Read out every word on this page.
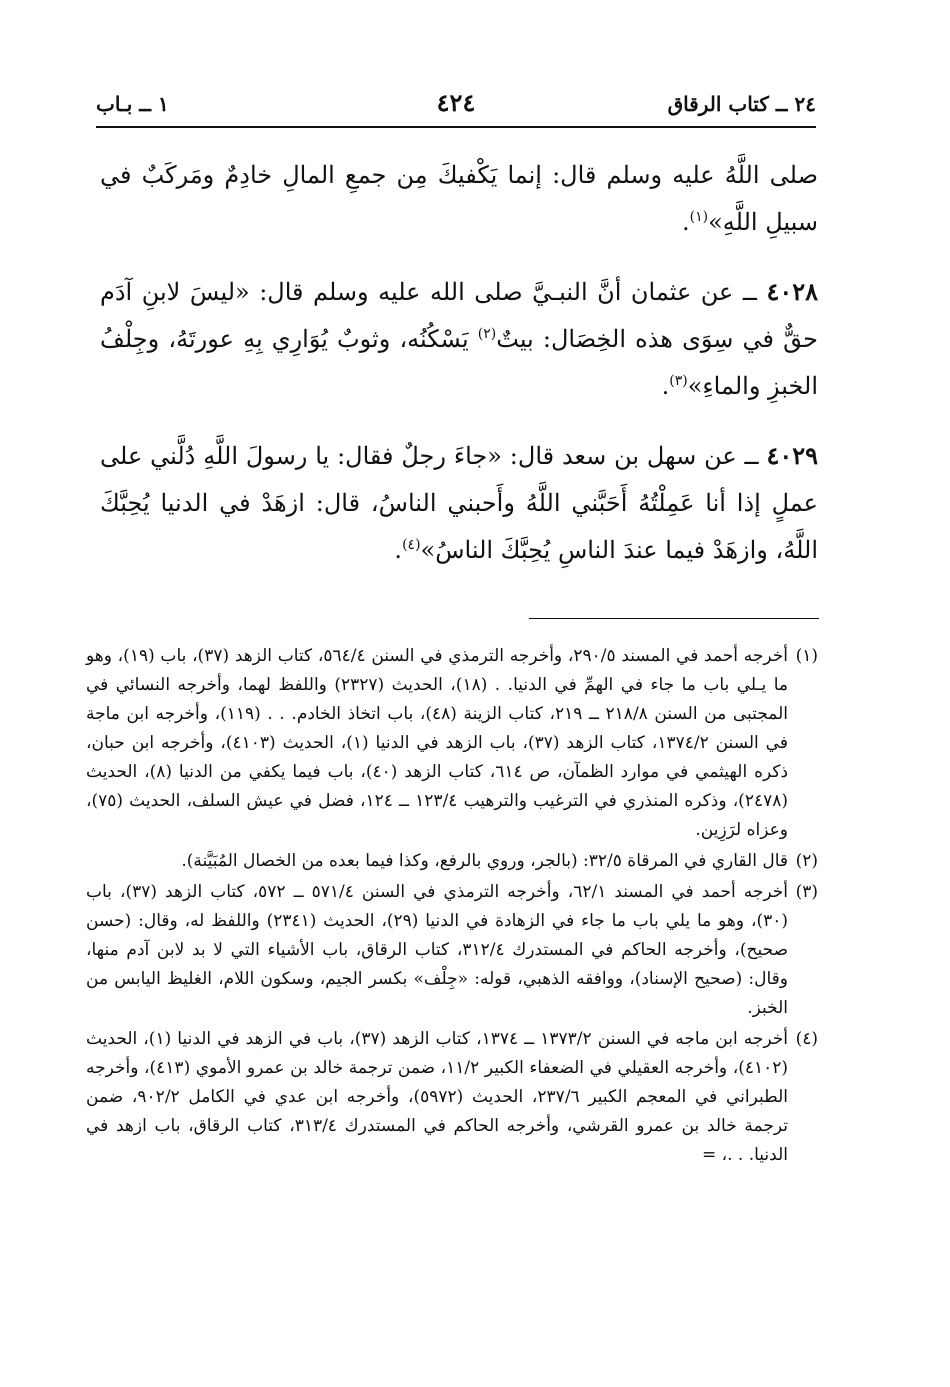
٢٤ ــ كتاب الرقاق
٤٢٤
١ ــ بـاب

صلى اللَّهُ عليه وسلم قال: إنما يَكْفيكَ مِن جمعِ المالِ خادِمٌ ومَركَبٌ في سبيلِ اللَّهِ»$^{(١)}$.

٤٠٢٨ ــ عن عثمان أنَّ النبـيَّ صلى الله عليه وسلم قال: «ليسَ لابنِ آدَم حقٌّ في سِوَى هذه الخِصَال: بيتٌ$^{(٢)}$ يَسْكُنُه، وثوبٌ يُوَارِي بِهِ عورتَهُ، وجِلْفُ الخبزِ والماءِ»$^{(٣)}$.

٤٠٢٩ ــ عن سهل بن سعد قال: «جاءَ رجلٌ فقال: يا رسولَ اللَّهِ دُلَّني على عملٍ إذا أنا عَمِلْتُهُ أَحَبَّني اللَّهُ وأَحبني الناسُ، قال: ازهَدْ في الدنيا يُحِبَّكَ اللَّهُ، وازهَدْ فيما عندَ الناسِ يُحِبَّكَ الناسُ»$^{(٤)}$.

(١)
أخرجه أحمد في المسند ٢٩٠/٥، وأخرجه الترمذي في السنن ٥٦٤/٤، كتاب الزهد (٣٧)، باب (١٩)، وهو ما يـلي باب ما جاء في الهمِّ في الدنيا. . (١٨)، الحديث (٢٣٢٧) واللفظ لهما، وأخرجه النسائي في المجتبى من السنن ٢١٨/٨ ــ ٢١٩، كتاب الزينة (٤٨)، باب اتخاذ الخادم. . . (١١٩)، وأخرجه ابن ماجة في السنن ١٣٧٤/٢، كتاب الزهد (٣٧)، باب الزهد في الدنيا (١)، الحديث (٤١٠٣)، وأخرجه ابن حبان، ذكره الهيثمي في موارد الظمآن، ص ٦١٤، كتاب الزهد (٤٠)، باب فيما يكفي من الدنيا (٨)، الحديث (٢٤٧٨)، وذكره المنذري في الترغيب والترهيب ١٢٣/٤ ــ ١٢٤، فضل في عيش السلف، الحديث (٧٥)، وعزاه لرَزِين.
(٢)
قال القاري في المرقاة ٣٢/٥: (بالجر، وروي بالرفع، وكذا فيما بعده من الخصال المُبَيَّنة).
(٣)
أخرجه أحمد في المسند ٦٢/١، وأخرجه الترمذي في السنن ٥٧١/٤ ــ ٥٧٢، كتاب الزهد (٣٧)، باب (٣٠)، وهو ما يلي باب ما جاء في الزهادة في الدنيا (٢٩)، الحديث (٢٣٤١) واللفظ له، وقال: (حسن صحيح)، وأخرجه الحاكم في المستدرك ٣١٢/٤، كتاب الرقاق، باب الأشياء التي لا بد لابن آدم منها، وقال: (صحيح الإسناد)، ووافقه الذهبي، قوله: «جِلْف» بكسر الجيم، وسكون اللام، الغليظ اليابس من الخبز.
(٤)
أخرجه ابن ماجه في السنن ١٣٧٣/٢ ــ ١٣٧٤، كتاب الزهد (٣٧)، باب في الزهد في الدنيا (١)، الحديث (٤١٠٢)، وأخرجه العقيلي في الضعفاء الكبير ١١/٢، ضمن ترجمة خالد بن عمرو الأموي (٤١٣)، وأخرجه الطبراني في المعجم الكبير ٢٣٧/٦، الحديث (٥٩٧٢)، وأخرجه ابن عدي في الكامل ٩٠٢/٢، ضمن ترجمة خالد بن عمرو القرشي، وأخرجه الحاكم في المستدرك ٣١٣/٤، كتاب الرقاق، باب ازهد في الدنيا. . .، =
